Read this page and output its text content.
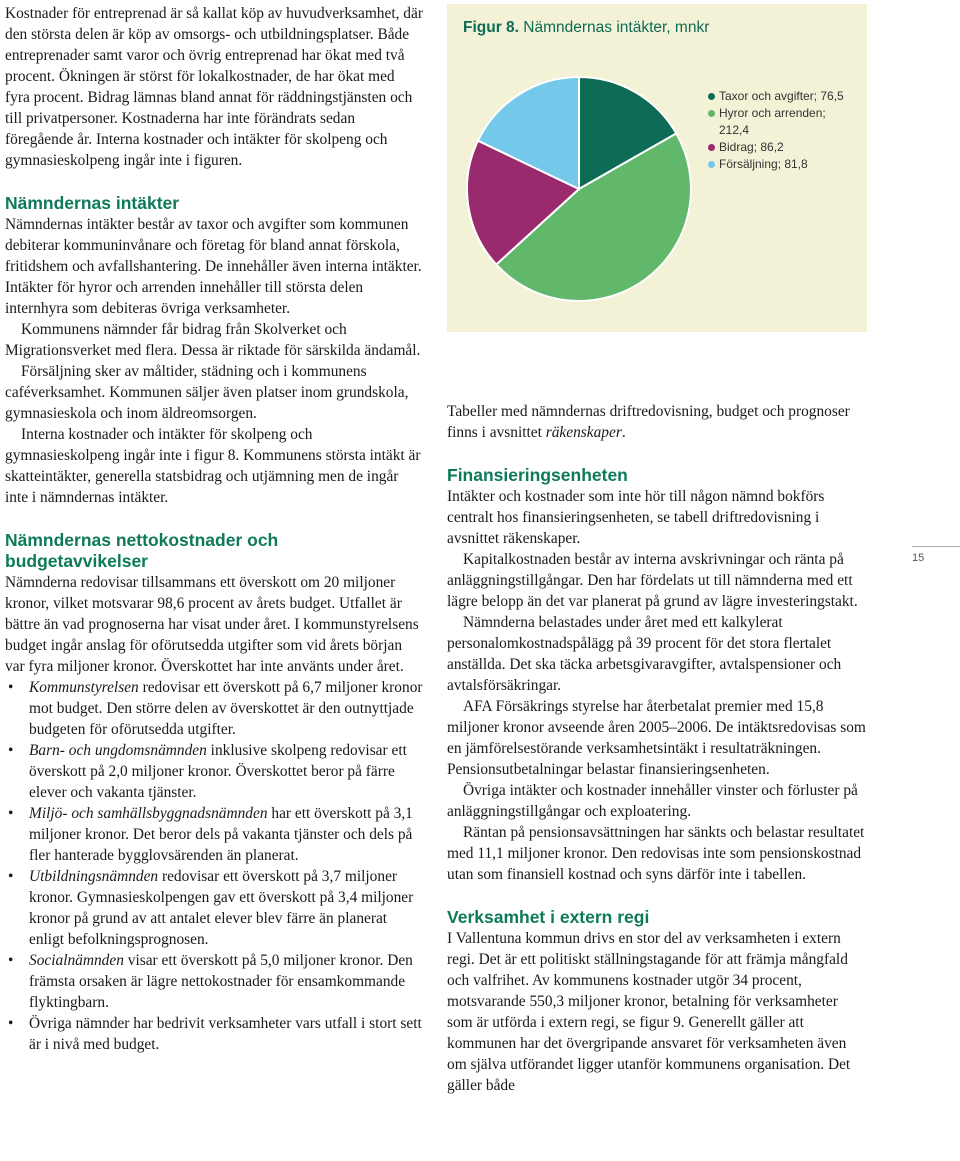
Kostnader för entreprenad är så kallat köp av huvudverksamhet, där den största delen är köp av omsorgs- och utbildningsplatser. Både entreprenader samt varor och övrig entreprenad har ökat med två procent. Ökningen är störst för lokalkostnader, de har ökat med fyra procent. Bidrag lämnas bland annat för räddningstjänsten och till privatpersoner. Kostnaderna har inte förändrats sedan föregående år. Interna kostnader och intäkter för skolpeng och gymnasieskolpeng ingår inte i figuren.

Nämndernas intäkter

Nämndernas intäkter består av taxor och avgifter som kommunen debiterar kommuninvånare och företag för bland annat förskola, fritidshem och avfallshantering. De innehåller även interna intäkter. Intäkter för hyror och arrenden innehåller till största delen internhyra som debiteras övriga verksamheter.

Kommunens nämnder får bidrag från Skolverket och Migrationsverket med flera. Dessa är riktade för särskilda ändamål.

Försäljning sker av måltider, städning och i kommunens caféverksamhet. Kommunen säljer även platser inom grundskola, gymnasieskola och inom äldreomsorgen.

Interna kostnader och intäkter för skolpeng och gymnasieskolpeng ingår inte i figur 8. Kommunens största intäkt är skatteintäkter, generella statsbidrag och utjämning men de ingår inte i nämndernas intäkter.

Nämndernas nettokostnader och budgetavvikelser

Nämnderna redovisar tillsammans ett överskott om 20 miljoner kronor, vilket motsvarar 98,6 procent av årets budget. Utfallet är bättre än vad prognoserna har visat under året. I kommunstyrelsens budget ingår anslag för oförutsedda utgifter som vid årets början var fyra miljoner kronor. Överskottet har inte använts under året.

• Kommunstyrelsen redovisar ett överskott på 6,7 miljoner kronor mot budget. Den större delen av överskottet är den outnyttjade budgeten för oförutsedda utgifter.
• Barn- och ungdomsnämnden inklusive skolpeng redovisar ett överskott på 2,0 miljoner kronor. Överskottet beror på färre elever och vakanta tjänster.
• Miljö- och samhällsbyggnadsnämnden har ett överskott på 3,1 miljoner kronor. Det beror dels på vakanta tjänster och dels på fler hanterade bygglovsärenden än planerat.
• Utbildningsnämnden redovisar ett överskott på 3,7 miljoner kronor. Gymnasieskolpengen gav ett överskott på 3,4 miljoner kronor på grund av att antalet elever blev färre än planerat enligt befolkningsprognosen.
• Socialnämnden visar ett överskott på 5,0 miljoner kronor. Den främsta orsaken är lägre nettokostnader för ensamkommande flyktingbarn.
• Övriga nämnder har bedrivit verksamheter vars utfall i stort sett är i nivå med budget.
Figur 8. Nämndernas intäkter, mnkr
Taxor och avgifter; 76,5
Hyror och arrenden; 212,4
Bidrag; 86,2
Försäljning; 81,8

Tabeller med nämndernas driftredovisning, budget och prognoser finns i avsnittet räkenskaper.

Finansieringsenheten

Intäkter och kostnader som inte hör till någon nämnd bokförs centralt hos finansieringsenheten, se tabell driftredovisning i avsnittet räkenskaper.

Kapitalkostnaden består av interna avskrivningar och ränta på anläggningstillgångar. Den har fördelats ut till nämnderna med ett lägre belopp än det var planerat på grund av lägre investeringstakt.

Nämnderna belastades under året med ett kalkylerat personalomkostnadspålägg på 39 procent för det stora flertalet anställda. Det ska täcka arbetsgivaravgifter, avtalspensioner och avtalsförsäkringar.

AFA Försäkrings styrelse har återbetalat premier med 15,8 miljoner kronor avseende åren 2005–2006. De intäktsredovisas som en jämförelsestörande verksamhetsintäkt i resultaträkningen. Pensionsutbetalningar belastar finansieringsenheten.

Övriga intäkter och kostnader innehåller vinster och förluster på anläggningstillgångar och exploatering.

Räntan på pensionsavsättningen har sänkts och belastar resultatet med 11,1 miljoner kronor. Den redovisas inte som pensionskostnad utan som finansiell kostnad och syns därför inte i tabellen.

Verksamhet i extern regi

I Vallentuna kommun drivs en stor del av verksamheten i extern regi. Det är ett politiskt ställningstagande för att främja mångfald och valfrihet. Av kommunens kostnader utgör 34 procent, motsvarande 550,3 miljoner kronor, betalning för verksamheter som är utförda i extern regi, se figur 9. Generellt gäller att kommunen har det övergripande ansvaret för verksamheten även om själva utförandet ligger utanför kommunens organisation. Det gäller både

15
